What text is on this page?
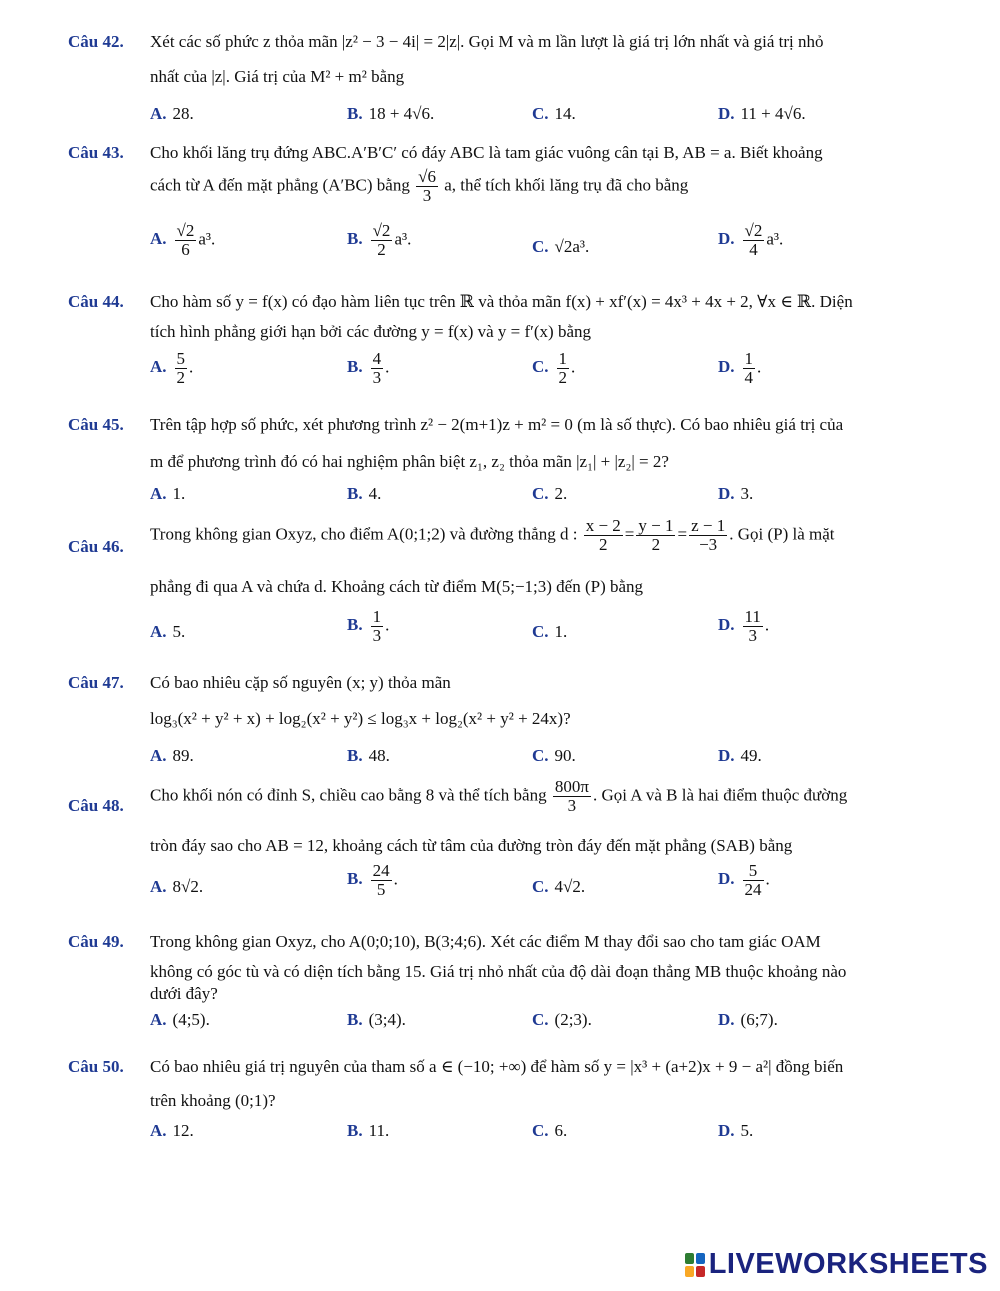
Câu 42. Xét các số phức z thỏa mãn |z² − 3 − 4i| = 2|z|. Gọi M và m lần lượt là giá trị lớn nhất và giá trị nhỏ
nhất của |z|. Giá trị của M² + m² bằng
A. 28.	B. 18 + 4√6.	C. 14.	D. 11 + 4√6.
Câu 43. Cho khối lăng trụ đứng ABC.A′B′C′ có đáy ABC là tam giác vuông cân tại B, AB = a. Biết khoảng
cách từ A đến mặt phẳng (A′BC) bằng $\frac{√6}{3} a$, thể tích khối lăng trụ đã cho bằng
A. $\frac{√2}{6} a^3$.	B. $\frac{√2}{2} a^3$.	C. √2a³.	D. $\frac{√2}{4} a^3$.
Câu 44. Cho hàm số y = f(x) có đạo hàm liên tục trên ℝ và thỏa mãn f(x) + xf′(x) = 4x³ + 4x + 2, ∀x ∈ ℝ. Diện
tích hình phẳng giới hạn bởi các đường y = f(x) và y = f′(x) bằng
A. $\frac{5}{2}$ .	B. $\frac{4}{3}$ .	C. $\frac{1}{2}$ .	D. $\frac{1}{4}$ .
Câu 45. Trên tập hợp số phức, xét phương trình z² − 2(m+1)z + m² = 0 (m là số thực). Có bao nhiêu giá trị của
m để phương trình đó có hai nghiệm phân biệt z₁, z₂ thỏa mãn |z₁| + |z₂| = 2?
A. 1.	B. 4.	C. 2.	D. 3.
Câu 46.
Trong không gian Oxyz, cho điểm A(0;1;2) và đường thẳng d : $\frac{x - 2}{2} = \frac{y - 1}{2} = \frac{z - 1}{-3}$ . Gọi (P) là mặt
phẳng đi qua A và chứa d. Khoảng cách từ điểm M(5;−1;3) đến (P) bằng
A. 5.	B. $\frac{1}{3}$ .	C. 1.	D. $\frac{11}{3}$ .
Câu 47. Có bao nhiêu cặp số nguyên (x; y) thỏa mãn
log₃(x² + y² + x) + log₂(x² + y²) ≤ log₃x + log₂(x² + y² + 24x)?
A. 89.	B. 48.	C. 90.	D. 49.
Câu 48.
Cho khối nón có đỉnh S, chiều cao bằng 8 và thể tích bằng $\frac{800\pi}{3}$ . Gọi A và B là hai điểm thuộc đường
tròn đáy sao cho AB = 12, khoảng cách từ tâm của đường tròn đáy đến mặt phẳng (SAB) bằng
A. 8√2.	B. $\frac{24}{5}$ .	C. 4√2.	D. $\frac{5}{24}$ .
Câu 49. Trong không gian Oxyz, cho A(0;0;10), B(3;4;6). Xét các điểm M thay đổi sao cho tam giác OAM
không có góc tù và có diện tích bằng 15. Giá trị nhỏ nhất của độ dài đoạn thẳng MB thuộc khoảng nào
dưới đây?
A. (4;5).	B. (3;4).	C. (2;3).	D. (6;7).
Câu 50. Có bao nhiêu giá trị nguyên của tham số a ∈ (−10; +∞) để hàm số y = |x³ + (a+2)x + 9 − a²| đồng biến
trên khoảng (0;1)?
A. 12.	B. 11.	C. 6.	D. 5.
LIVEWORKSHEETS
